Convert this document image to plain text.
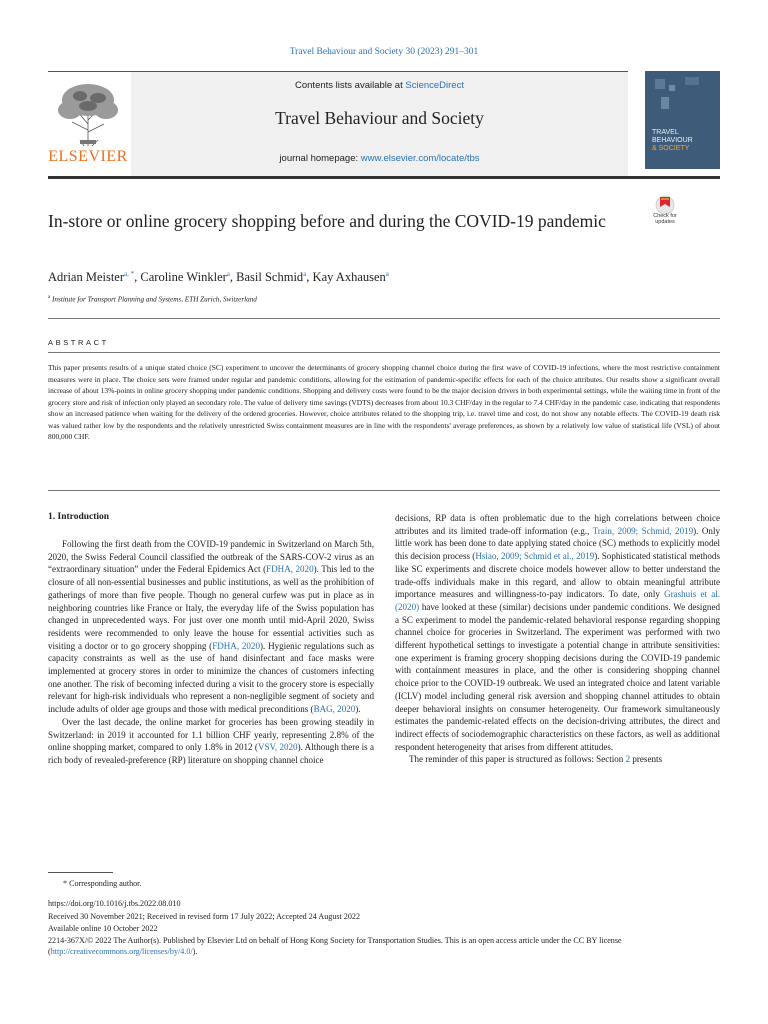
Travel Behaviour and Society 30 (2023) 291–301
ELSEVIER
Contents lists available at ScienceDirect
Travel Behaviour and Society
journal homepage: www.elsevier.com/locate/tbs
TRAVEL
BEHAVIOUR
& SOCIETY
In-store or online grocery shopping before and during the COVID-19 pandemic	Check for
updates
Adrian Meister$^{a, *}$, Caroline Winkler$^a$, Basil Schmid$^a$, Kay Axhausen$^a$
$^a$ Institute for Transport Planning and Systems, ETH Zurich, Switzerland
ABSTRACT
This paper presents results of a unique stated choice (SC) experiment to uncover the determinants of grocery shopping channel choice during the first wave of COVID-19 infections, where the most restrictive containment measures were in place. The choice sets were framed under regular and pandemic conditions, allowing for the estimation of pandemic-specific effects for each of the choice attributes. Our results show a significant overall increase of about 13%-points in online grocery shopping under pandemic conditions. Shopping and delivery costs were found to be the major decision drivers in both experimental settings, while the waiting time in front of the grocery store and risk of infection only played an secondary role. The value of delivery time savings (VDTS) decreases from about 10.3 CHF/day in the regular to 7.4 CHF/day in the pandemic case, indicating that respondents show an increased patience when waiting for the delivery of the ordered groceries. However, choice attributes related to the shopping trip, i.e. travel time and cost, do not show any notable effects. The COVID-19 death risk was valued rather low by the respondents and the relatively unrestricted Swiss containment measures are in line with the respondents' average preferences, as shown by a relatively low value of statistical life (VSL) of about 800,000 CHF.
1. Introduction

Following the first death from the COVID-19 pandemic in Switzerland on March 5th, 2020, the Swiss Federal Council classified the outbreak of the SARS-COV-2 virus as an “extraordinary situation” under the Federal Epidemics Act (FDHA, 2020). This led to the closure of all non-essential businesses and public institutions, as well as the prohibition of gatherings of more than five people. Though no general curfew was put in place as in neighboring countries like France or Italy, the everyday life of the Swiss population has changed in unprecedented ways. For just over one month until mid-April 2020, Swiss residents were recommended to only leave the house for essential activities such as visiting a doctor or to go grocery shopping (FDHA, 2020). Hygienic regulations such as capacity constraints as well as the use of hand disinfectant and face masks were implemented at grocery stores in order to minimize the chances of customers infecting one another. The risk of becoming infected during a visit to the grocery store is especially relevant for high-risk individuals who represent a non-negligible segment of society and include adults of older age groups and those with medical preconditions (BAG, 2020).

Over the last decade, the online market for groceries has been growing steadily in Switzerland: in 2019 it accounted for 1.1 billion CHF yearly, representing 2.8% of the online shopping market, compared to only 1.8% in 2012 (VSV, 2020). Although there is a rich body of revealed-preference (RP) literature on shopping channel choice

decisions, RP data is often problematic due to the high correlations between choice attributes and its limited trade-off information (e.g., Train, 2009; Schmid, 2019). Only little work has been done to date applying stated choice (SC) methods to explicitly model this decision process (Hsiao, 2009; Schmid et al., 2019). Sophisticated statistical methods like SC experiments and discrete choice models however allow to better understand the trade-offs individuals make in this regard, and allow to obtain meaningful attribute importance measures and willingness-to-pay indicators. To date, only Grashuis et al. (2020) have looked at these (similar) decisions under pandemic conditions. We designed a SC experiment to model the pandemic-related behavioral response regarding shopping channel choice for groceries in Switzerland. The experiment was performed with two different hypothetical settings to investigate a potential change in attribute sensitivities: one experiment is framing grocery shopping decisions during the COVID-19 pandemic with containment measures in place, and the other is considering shopping channel choice prior to the COVID-19 outbreak. We used an integrated choice and latent variable (ICLV) model including general risk aversion and shopping channel attitudes to obtain deeper behavioral insights on consumer heterogeneity. Our framework simultaneously estimates the pandemic-related effects on the decision-driving attributes, the direct and indirect effects of sociodemographic characteristics on these factors, as well as additional respondent heterogeneity that arises from different attitudes.

The reminder of this paper is structured as follows: Section 2 presents

* Corresponding author.
https://doi.org/10.1016/j.tbs.2022.08.010
Received 30 November 2021; Received in revised form 17 July 2022; Accepted 24 August 2022
Available online 10 October 2022
2214-367X/© 2022 The Author(s). Published by Elsevier Ltd on behalf of Hong Kong Society for Transportation Studies. This is an open access article under the CC BY license (http://creativecommons.org/licenses/by/4.0/).
